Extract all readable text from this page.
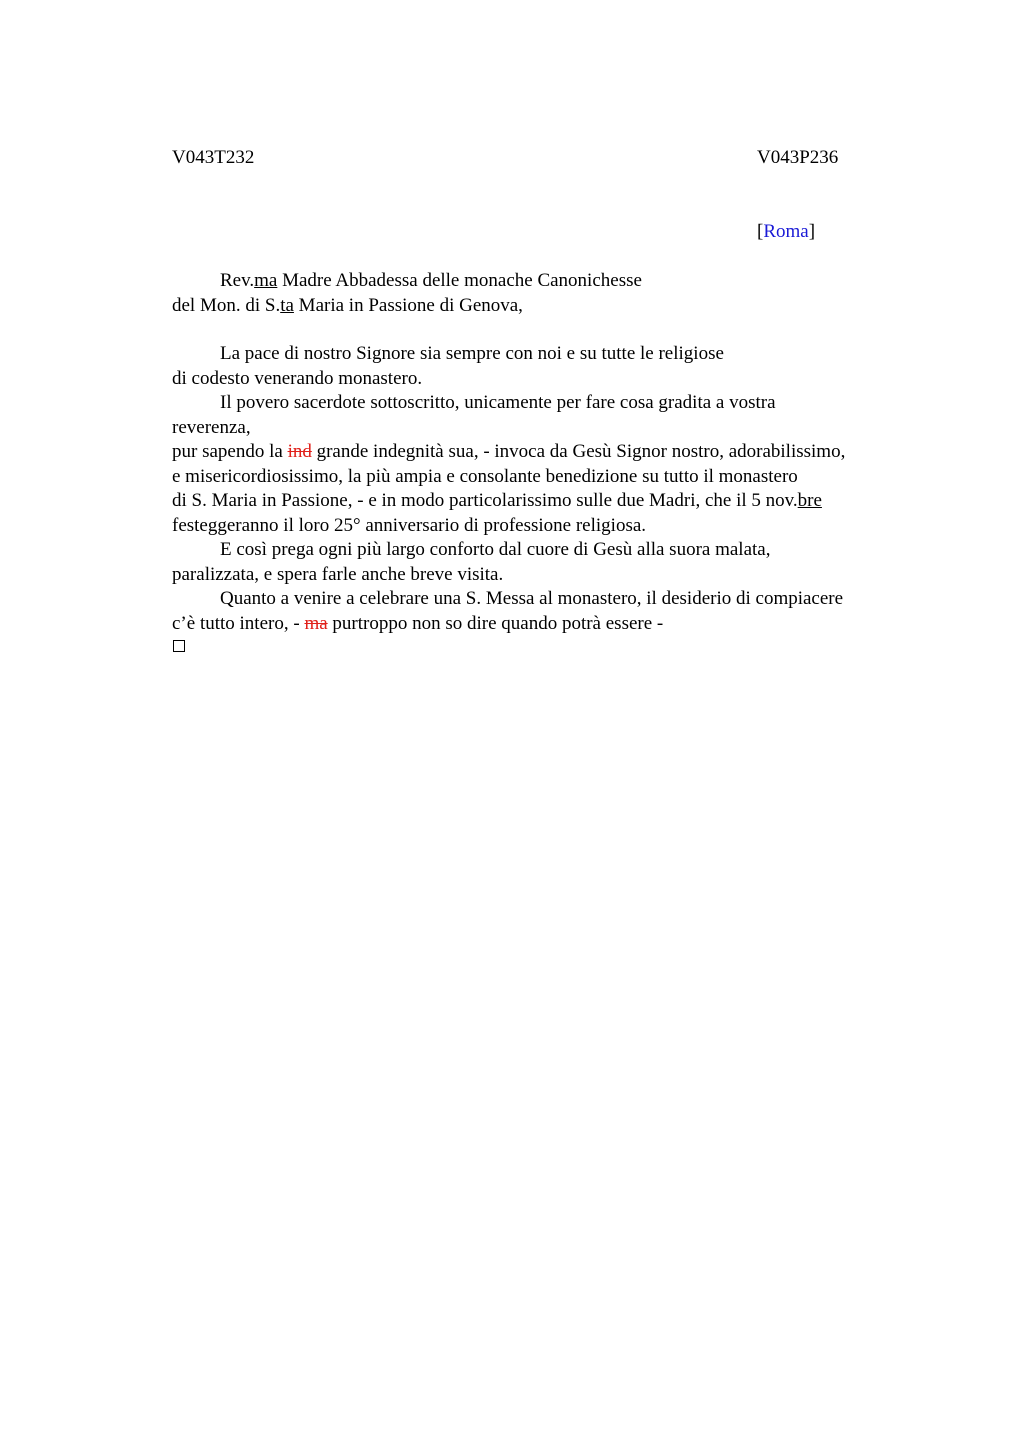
V043T232	V043P236
[Roma]
Rev.ma Madre Abbadessa delle monache Canonichesse
del Mon. di S.ta Maria in Passione di Genova,
La pace di nostro Signore sia sempre con noi e su tutte le religiose
di codesto venerando monastero.
Il povero sacerdote sottoscritto, unicamente per fare cosa gradita a vostra
reverenza,
pur sapendo la ind grande indegnità sua, - invoca da Gesù Signor nostro, adorabilissimo,
e misericordiosissimo, la più ampia e consolante benedizione su tutto il monastero
di S. Maria in Passione, - e in modo particolarissimo sulle due Madri, che il 5 nov.bre
festeggeranno il loro 25° anniversario di professione religiosa.
E così prega ogni più largo conforto dal cuore di Gesù alla suora malata,
paralizzata, e spera farle anche breve visita.
Quanto a venire a celebrare una S. Messa al monastero, il desiderio di compiacere
c’è tutto intero, - ma purtroppo non so dire quando potrà essere -
